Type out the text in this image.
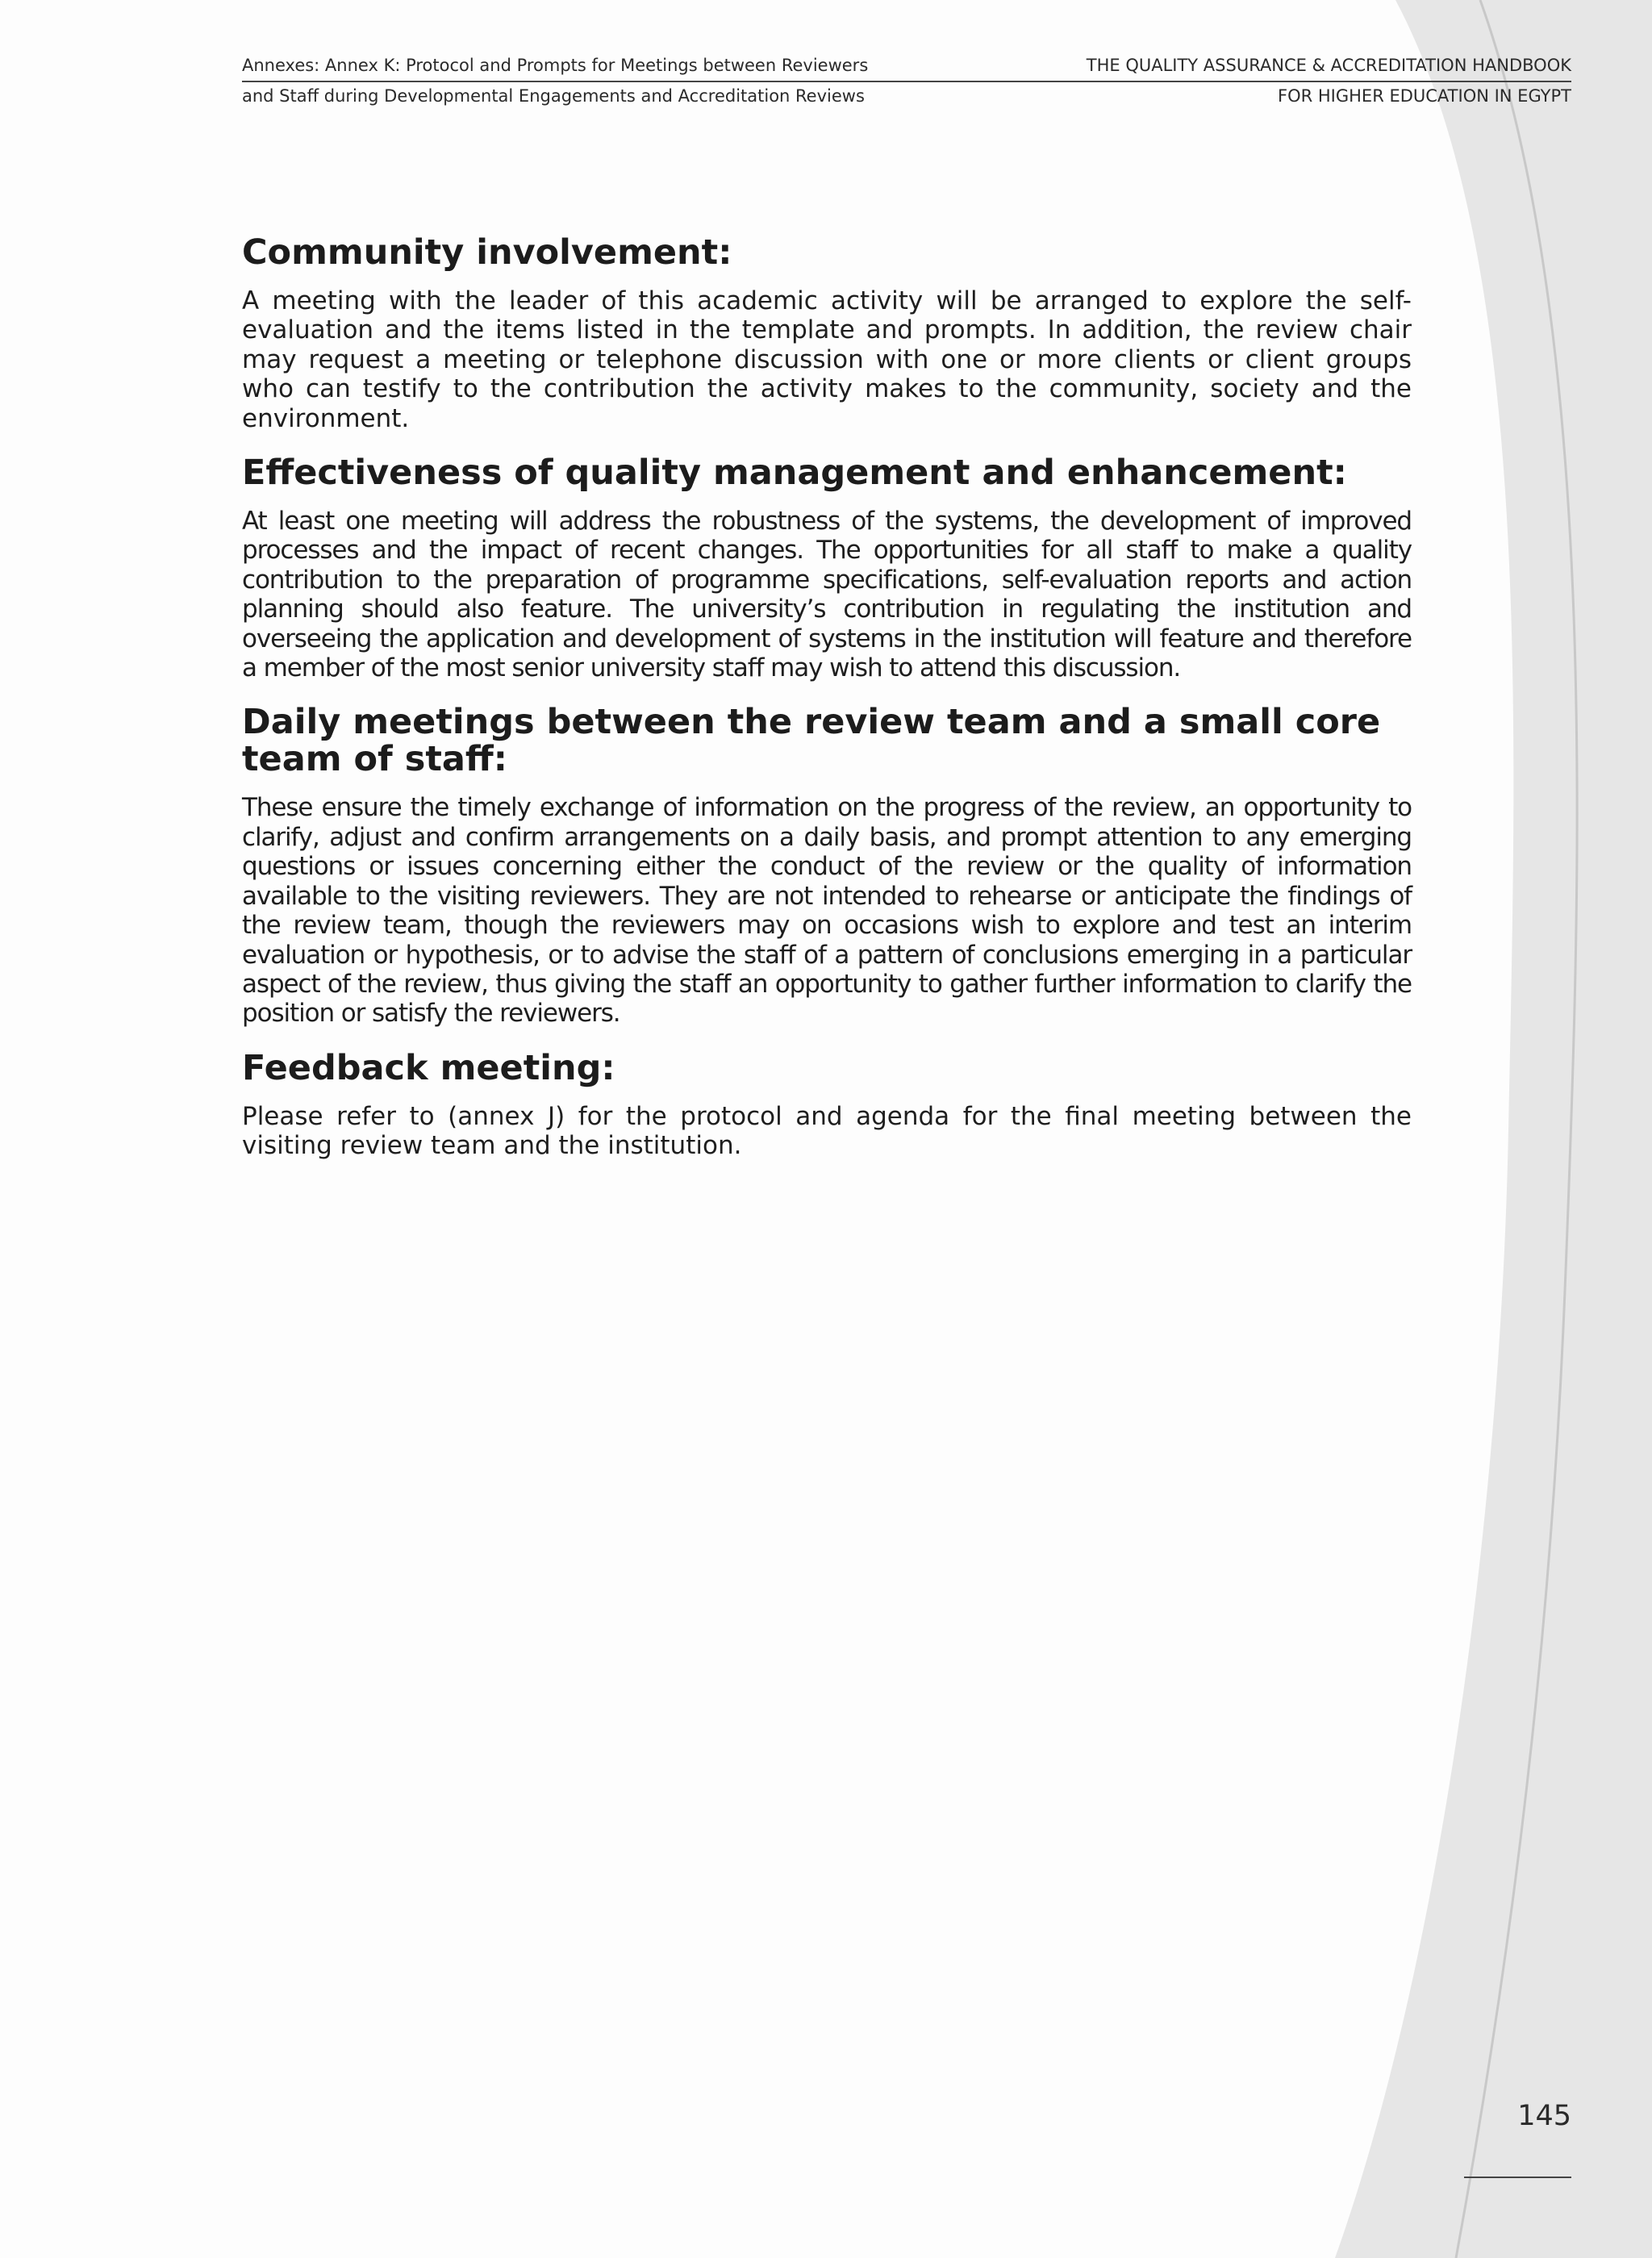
Annexes: Annex K: Protocol and Prompts for Meetings between Reviewers
and Staff during Developmental Engagements and Accreditation Reviews
THE QUALITY ASSURANCE & ACCREDITATION HANDBOOK
FOR HIGHER EDUCATION IN EGYPT
Community involvement:

A meeting with the leader of this academic activity will be arranged to explore the self-evaluation and the items listed in the template and prompts. In addition, the review chair may request a meeting or telephone discussion with one or more clients or client groups who can testify to the contribution the activity makes to the community, society and the environment.

Effectiveness of quality management and enhancement:

At least one meeting will address the robustness of the systems, the development of improved processes and the impact of recent changes. The opportunities for all staff to make a quality contribution to the preparation of programme specifications, self-evaluation reports and action planning should also feature. The university’s contribution in regulating the institution and overseeing the application and development of systems in the institution will feature and therefore a member of the most senior university staff may wish to attend this discussion.

Daily meetings between the review team and a small core team of staff:

These ensure the timely exchange of information on the progress of the review, an opportunity to clarify, adjust and confirm arrangements on a daily basis, and prompt attention to any emerging questions or issues concerning either the conduct of the review or the quality of information available to the visiting reviewers. They are not intended to rehearse or anticipate the findings of the review team, though the reviewers may on occasions wish to explore and test an interim evaluation or hypothesis, or to advise the staff of a pattern of conclusions emerging in a particular aspect of the review, thus giving the staff an opportunity to gather further information to clarify the position or satisfy the reviewers.

Feedback meeting:

Please refer to (annex J) for the protocol and agenda for the final meeting between the visiting review team and the institution.

145
